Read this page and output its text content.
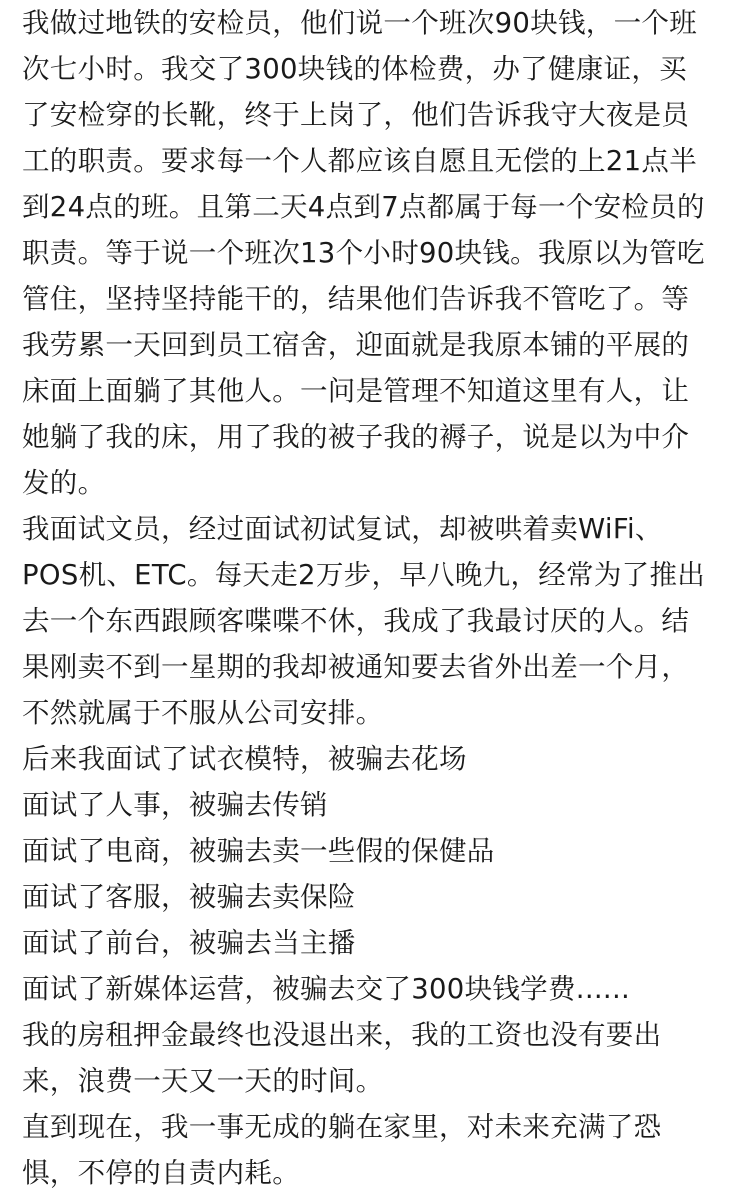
我做过地铁的安检员，他们说一个班次90块钱，一个班
次七小时。我交了300块钱的体检费，办了健康证，买
了安检穿的长靴，终于上岗了，他们告诉我守大夜是员
工的职责。要求每一个人都应该自愿且无偿的上21点半
到24点的班。且第二天4点到7点都属于每一个安检员的
职责。等于说一个班次13个小时90块钱。我原以为管吃
管住，坚持坚持能干的，结果他们告诉我不管吃了。等
我劳累一天回到员工宿舍，迎面就是我原本铺的平展的
床面上面躺了其他人。一问是管理不知道这里有人，让
她躺了我的床，用了我的被子我的褥子，说是以为中介
发的。
我面试文员，经过面试初试复试，却被哄着卖WiFi、
POS机、ETC。每天走2万步，早八晚九，经常为了推出
去一个东西跟顾客喋喋不休，我成了我最讨厌的人。结
果刚卖不到一星期的我却被通知要去省外出差一个月，
不然就属于不服从公司安排。
后来我面试了试衣模特，被骗去花场
面试了人事，被骗去传销
面试了电商，被骗去卖一些假的保健品
面试了客服，被骗去卖保险
面试了前台，被骗去当主播
面试了新媒体运营，被骗去交了300块钱学费......
我的房租押金最终也没退出来，我的工资也没有要出
来，浪费一天又一天的时间。
直到现在，我一事无成的躺在家里，对未来充满了恐
惧，不停的自责内耗。
